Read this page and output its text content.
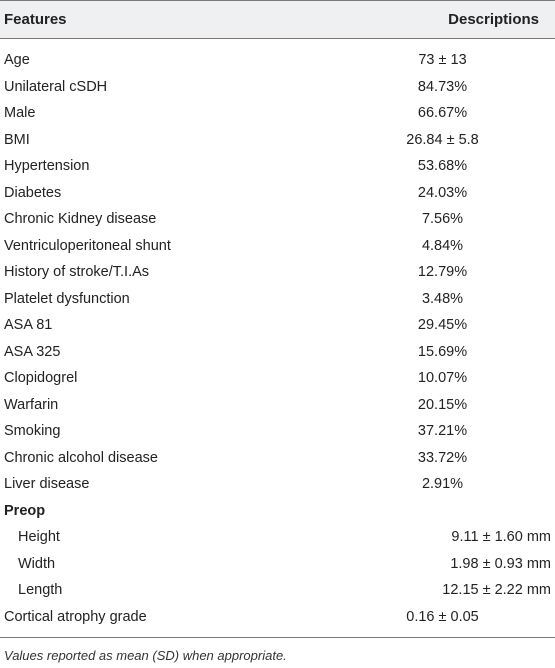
Features	Descriptions
Age	73 ± 13
Unilateral cSDH	84.73%
Male	66.67%
BMI	26.84 ± 5.8
Hypertension	53.68%
Diabetes	24.03%
Chronic Kidney disease	7.56%
Ventriculoperitoneal shunt	4.84%
History of stroke/T.I.As	12.79%
Platelet dysfunction	3.48%
ASA 81	29.45%
ASA 325	15.69%
Clopidogrel	10.07%
Warfarin	20.15%
Smoking	37.21%
Chronic alcohol disease	33.72%
Liver disease	2.91%
Preop
Height	9.11 ± 1.60 mm
Width	1.98 ± 0.93 mm
Length	12.15 ± 2.22 mm
Cortical atrophy grade	0.16 ± 0.05
Values reported as mean (SD) when appropriate.
